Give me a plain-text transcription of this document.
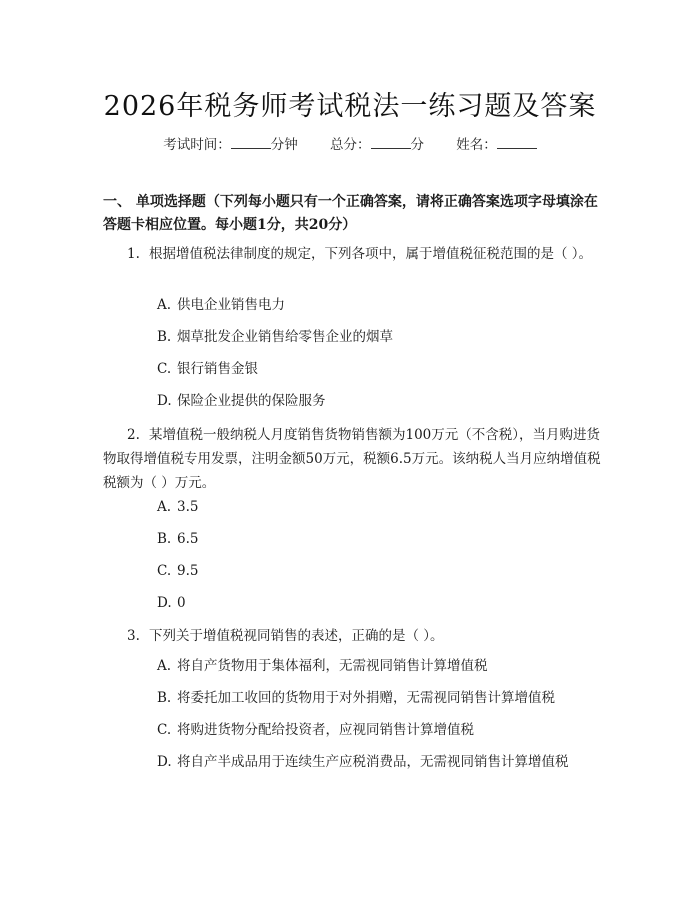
2026年税务师考试税法一练习题及答案
考试时间：	分钟 总分：	分 姓名：
一、 单项选择题（下列每小题只有一个正确答案，请将正确答案选项字母填涂在答题卡相应位置。每小题1分，共20分）
1. 根据增值税法律制度的规定，下列各项中，属于增值税征税范围的是（ ）。
A. 供电企业销售电力
B. 烟草批发企业销售给零售企业的烟草
C. 银行销售金银
D. 保险企业提供的保险服务
2. 某增值税一般纳税人月度销售货物销售额为100万元（不含税），当月购进货物取得增值税专用发票，注明金额50万元，税额6.5万元。该纳税人当月应纳增值税税额为（ ）万元。
A. 3.5
B. 6.5
C. 9.5
D. 0
3. 下列关于增值税视同销售的表述，正确的是（ ）。
A. 将自产货物用于集体福利，无需视同销售计算增值税
B. 将委托加工收回的货物用于对外捐赠，无需视同销售计算增值税
C. 将购进货物分配给投资者，应视同销售计算增值税
D. 将自产半成品用于连续生产应税消费品，无需视同销售计算增值税
